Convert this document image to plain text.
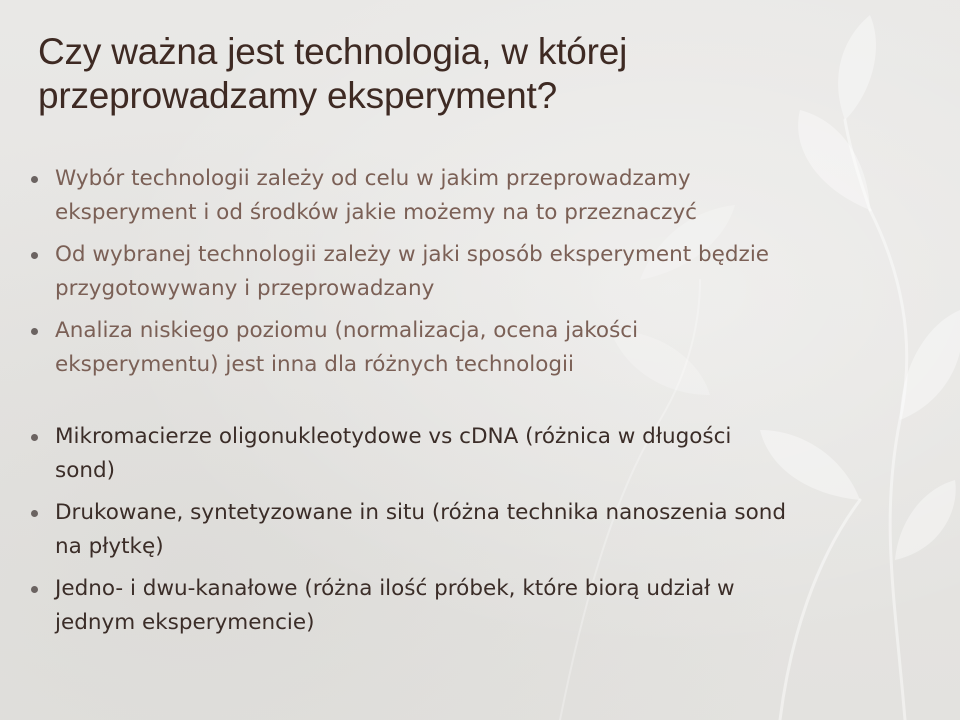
Czy ważna jest technologia, w której
przeprowadzamy eksperyment?
Wybór technologii zależy od celu w jakim przeprowadzamy
eksperyment i od środków jakie możemy na to przeznaczyć
Od wybranej technologii zależy w jaki sposób eksperyment będzie
przygotowywany i przeprowadzany
Analiza niskiego poziomu (normalizacja, ocena jakości
eksperymentu) jest inna dla różnych technologii
Mikromacierze oligonukleotydowe vs cDNA (różnica w długości
sond)
Drukowane, syntetyzowane in situ (różna technika nanoszenia sond
na płytkę)
Jedno- i dwu-kanałowe (różna ilość próbek, które biorą udział w
jednym eksperymencie)
